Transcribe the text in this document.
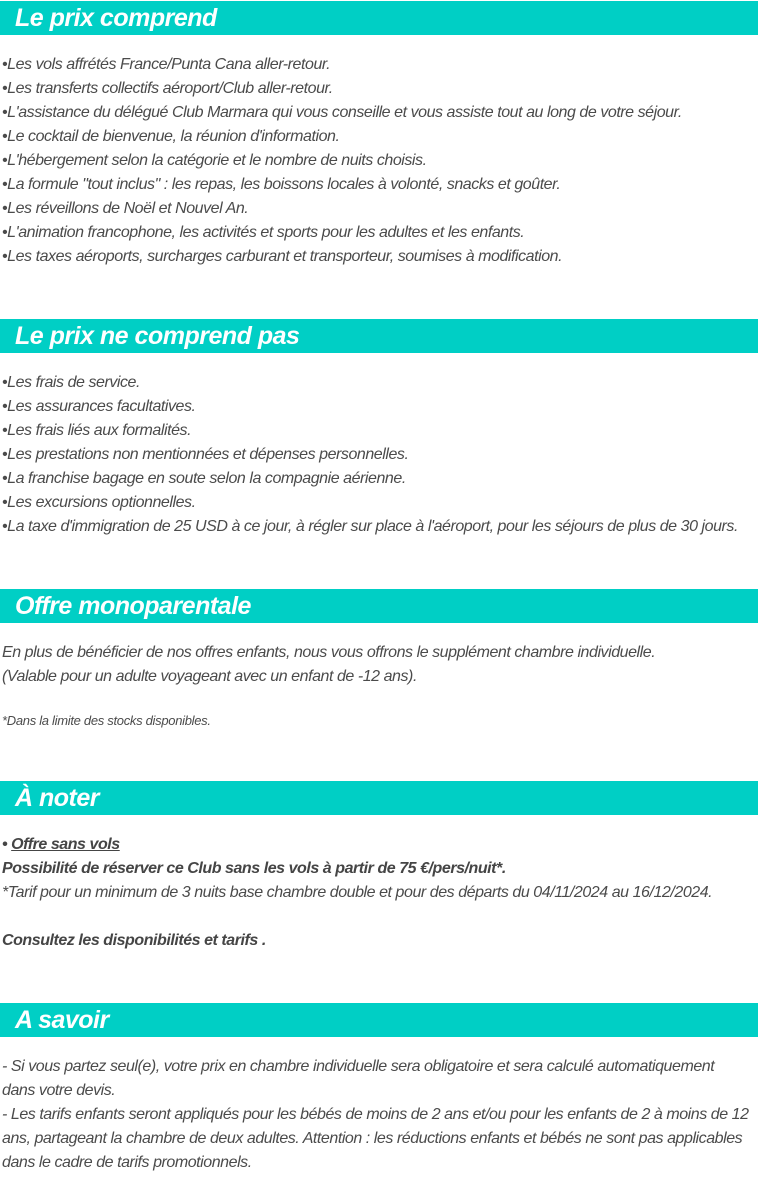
Le prix comprend
• Les vols affrétés France/Punta Cana aller-retour.
• Les transferts collectifs aéroport/Club aller-retour.
• L'assistance du délégué Club Marmara qui vous conseille et vous assiste tout au long de votre séjour.
• Le cocktail de bienvenue, la réunion d'information.
• L'hébergement selon la catégorie et le nombre de nuits choisis.
• La formule "tout inclus" : les repas, les boissons locales à volonté, snacks et goûter.
• Les réveillons de Noël et Nouvel An.
• L'animation francophone, les activités et sports pour les adultes et les enfants.
• Les taxes aéroports, surcharges carburant et transporteur, soumises à modification.
Le prix ne comprend pas
• Les frais de service.
• Les assurances facultatives.
• Les frais liés aux formalités.
• Les prestations non mentionnées et dépenses personnelles.
• La franchise bagage en soute selon la compagnie aérienne.
• Les excursions optionnelles.
• La taxe d'immigration de 25 USD à ce jour, à régler sur place à l'aéroport, pour les séjours de plus de 30 jours.
Offre monoparentale

En plus de bénéficier de nos offres enfants, nous vous offrons le supplément chambre individuelle.

(Valable pour un adulte voyageant avec un enfant de -12 ans).

*Dans la limite des stocks disponibles.

À noter

• Offre sans vols

Possibilité de réserver ce Club sans les vols à partir de 75 €/pers/nuit*.

*Tarif pour un minimum de 3 nuits base chambre double et pour des départs du 04/11/2024 au 16/12/2024.

Consultez les disponibilités et tarifs .

A savoir

- Si vous partez seul(e), votre prix en chambre individuelle sera obligatoire et sera calculé automatiquement dans votre devis.

- Les tarifs enfants seront appliqués pour les bébés de moins de 2 ans et/ou pour les enfants de 2 à moins de 12 ans, partageant la chambre de deux adultes. Attention : les réductions enfants et bébés ne sont pas applicables dans le cadre de tarifs promotionnels.
